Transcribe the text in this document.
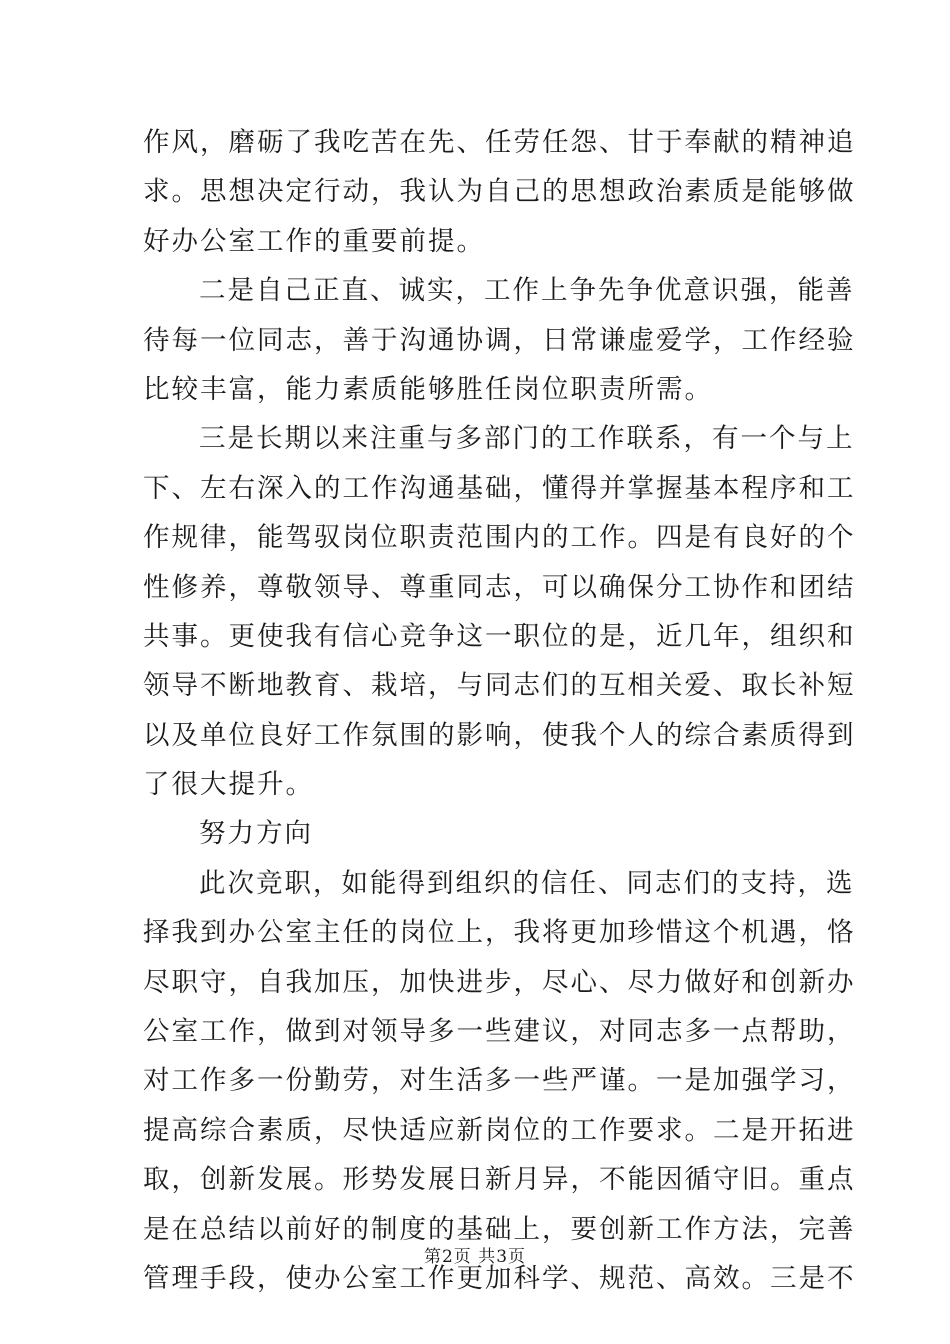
作风，磨砺了我吃苦在先、任劳任怨、甘于奉献的精神追
求。思想决定行动，我认为自己的思想政治素质是能够做
好办公室工作的重要前提。
二是自己正直、诚实，工作上争先争优意识强，能善
待每一位同志，善于沟通协调，日常谦虚爱学，工作经验
比较丰富，能力素质能够胜任岗位职责所需。
三是长期以来注重与多部门的工作联系，有一个与上
下、左右深入的工作沟通基础，懂得并掌握基本程序和工
作规律，能驾驭岗位职责范围内的工作。四是有良好的个
性修养，尊敬领导、尊重同志，可以确保分工协作和团结
共事。更使我有信心竞争这一职位的是，近几年，组织和
领导不断地教育、栽培，与同志们的互相关爱、取长补短
以及单位良好工作氛围的影响，使我个人的综合素质得到
了很大提升。
努力方向
此次竞职，如能得到组织的信任、同志们的支持，选
择我到办公室主任的岗位上，我将更加珍惜这个机遇，恪
尽职守，自我加压，加快进步，尽心、尽力做好和创新办
公室工作，做到对领导多一些建议，对同志多一点帮助，
对工作多一份勤劳，对生活多一些严谨。一是加强学习，
提高综合素质，尽快适应新岗位的工作要求。二是开拓进
取，创新发展。形势发展日新月异，不能因循守旧。重点
是在总结以前好的制度的基础上，要创新工作方法，完善
管理手段，使办公室工作更加科学、规范、高效。三是不
第2页 共3页
